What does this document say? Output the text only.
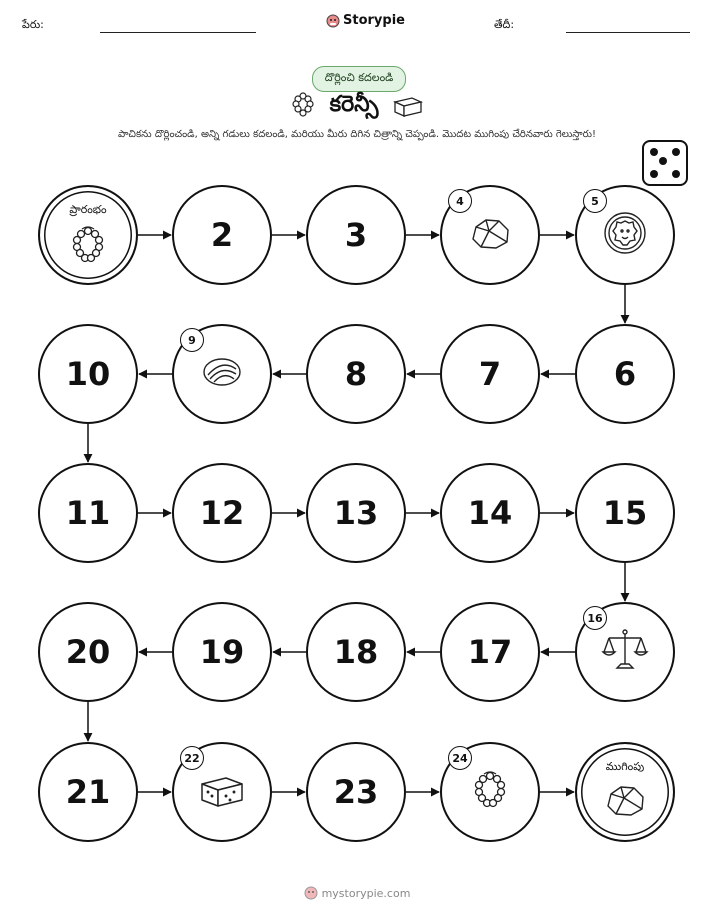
పేరు:	Storypie	తేదీ:
దొర్లించి కదలండి
కరెన్సీ
పాచికను దొర్లించండి, అన్ని గడులు కదలండి, మరియు మీరు దిగిన చిత్రాన్ని చెప్పండి. మొదట ముగింపు చేరినవారు గెలుస్తారు!
ప్రారంభం
2	3
4	5
6
7
8
9
10
11	12	13	14	15
16
17
18
19
20
21
22
23
24
ముగింపు
mystorypie.com
